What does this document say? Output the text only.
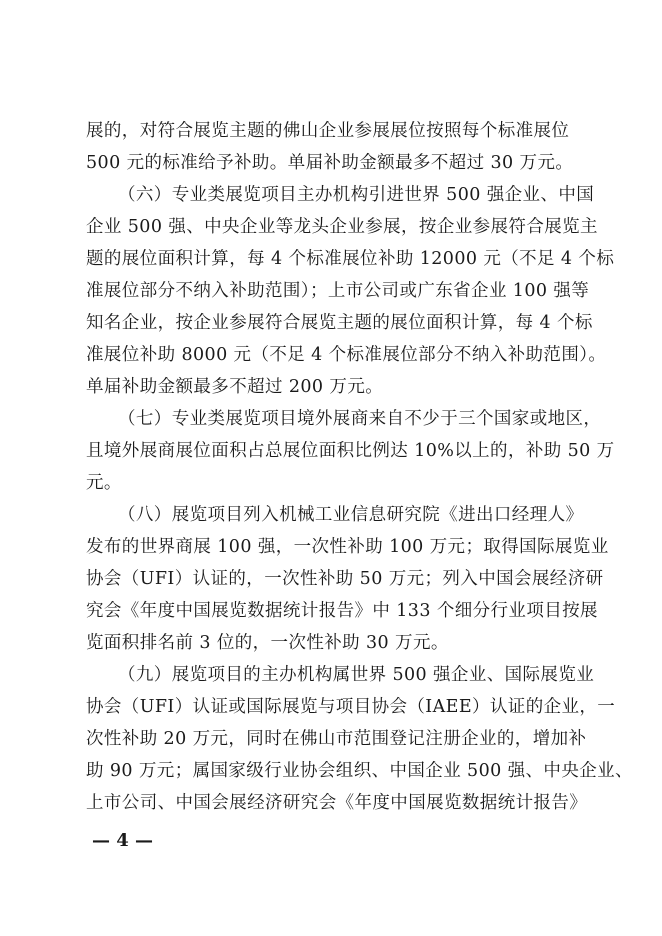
展的，对符合展览主题的佛山企业参展展位按照每个标准展位
500 元的标准给予补助。单届补助金额最多不超过 30 万元。
（六）专业类展览项目主办机构引进世界 500 强企业、中国
企业 500 强、中央企业等龙头企业参展，按企业参展符合展览主
题的展位面积计算，每 4 个标准展位补助 12000 元（不足 4 个标
准展位部分不纳入补助范围）；上市公司或广东省企业 100 强等
知名企业，按企业参展符合展览主题的展位面积计算，每 4 个标
准展位补助 8000 元（不足 4 个标准展位部分不纳入补助范围）。
单届补助金额最多不超过 200 万元。
（七）专业类展览项目境外展商来自不少于三个国家或地区，
且境外展商展位面积占总展位面积比例达 10%以上的，补助 50 万
元。
（八）展览项目列入机械工业信息研究院《进出口经理人》
发布的世界商展 100 强，一次性补助 100 万元；取得国际展览业
协会（UFI）认证的，一次性补助 50 万元；列入中国会展经济研
究会《年度中国展览数据统计报告》中 133 个细分行业项目按展
览面积排名前 3 位的，一次性补助 30 万元。
（九）展览项目的主办机构属世界 500 强企业、国际展览业
协会（UFI）认证或国际展览与项目协会（IAEE）认证的企业，一
次性补助 20 万元，同时在佛山市范围登记注册企业的，增加补
助 90 万元；属国家级行业协会组织、中国企业 500 强、中央企业、
上市公司、中国会展经济研究会《年度中国展览数据统计报告》
— 4 —
